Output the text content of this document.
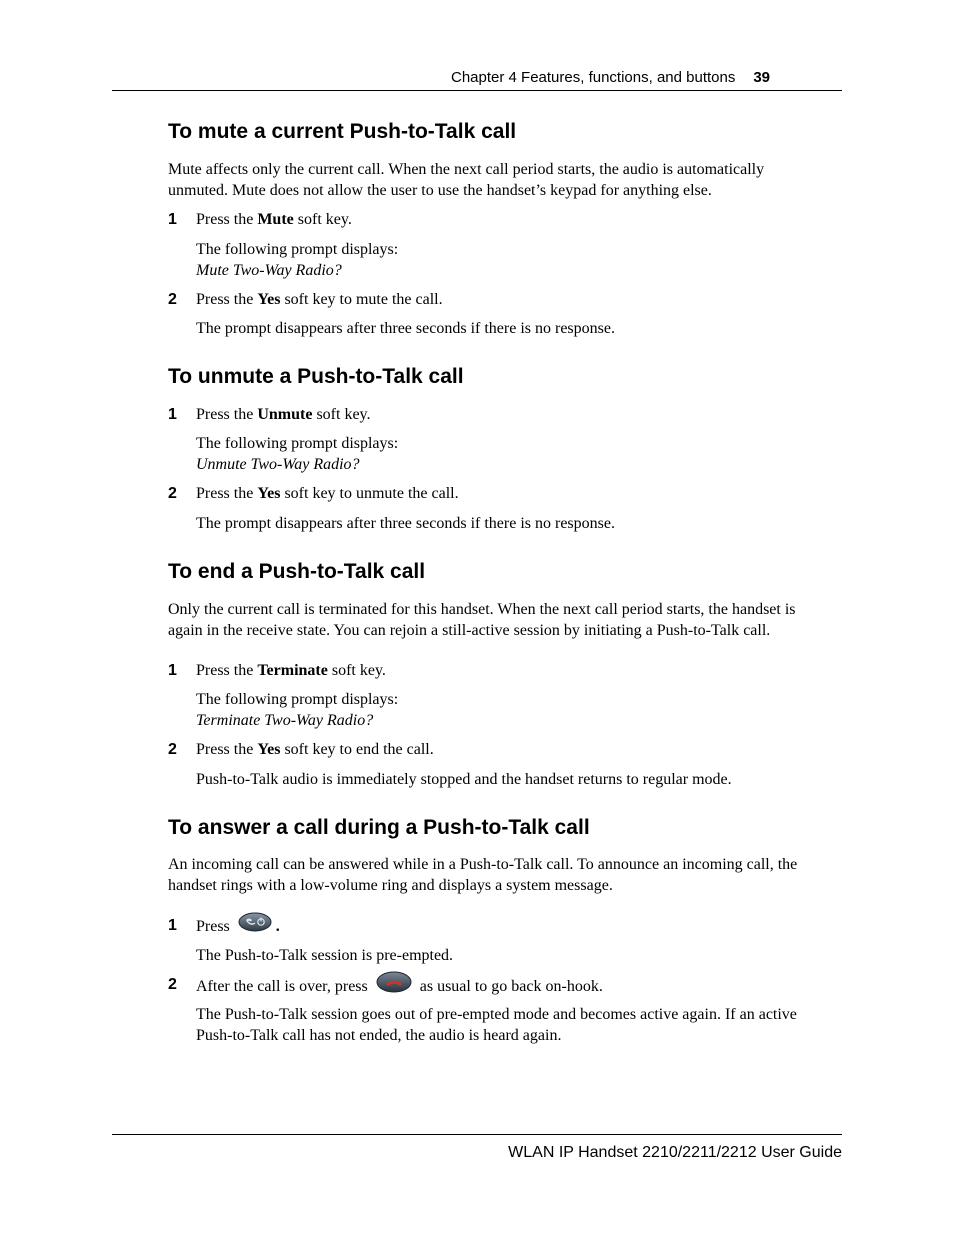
Chapter 4 Features, functions, and buttons 39
To mute a current Push-to-Talk call
Mute affects only the current call. When the next call period starts, the audio is automatically
unmuted. Mute does not allow the user to use the handset’s keypad for anything else.
1 Press the Mute soft key.
The following prompt displays:
Mute Two-Way Radio?
2 Press the Yes soft key to mute the call.
The prompt disappears after three seconds if there is no response.
To unmute a Push-to-Talk call
1 Press the Unmute soft key.
The following prompt displays:
Unmute Two-Way Radio?
2 Press the Yes soft key to unmute the call.
The prompt disappears after three seconds if there is no response.
To end a Push-to-Talk call
Only the current call is terminated for this handset. When the next call period starts, the handset is
again in the receive state. You can rejoin a still-active session by initiating a Push-to-Talk call.
1 Press the Terminate soft key.
The following prompt displays:
Terminate Two-Way Radio?
2 Press the Yes soft key to end the call.
Push-to-Talk audio is immediately stopped and the handset returns to regular mode.
To answer a call during a Push-to-Talk call
An incoming call can be answered while in a Push-to-Talk call. To announce an incoming call, the
handset rings with a low-volume ring and displays a system message.
1 Press	.
The Push-to-Talk session is pre-empted.
2 After the call is over, press	as usual to go back on-hook.
The Push-to-Talk session goes out of pre-empted mode and becomes active again. If an active
Push-to-Talk call has not ended, the audio is heard again.
WLAN IP Handset 2210/2211/2212 User Guide
